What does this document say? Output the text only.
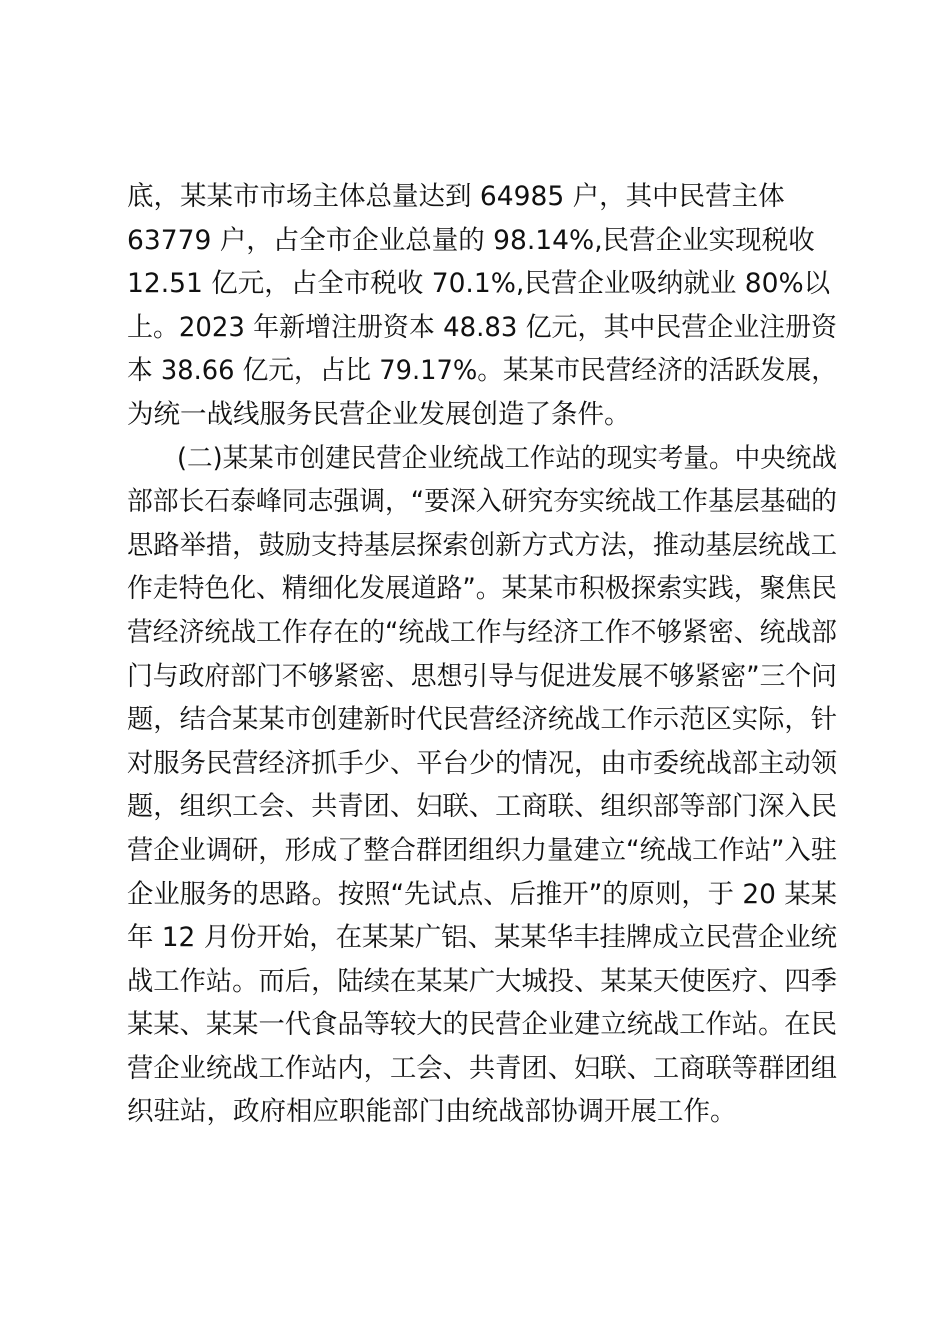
底，某某市市场主体总量达到 64985 户，其中民营主体
63779 户，占全市企业总量的 98.14%,民营企业实现税收
12.51 亿元，占全市税收 70.1%,民营企业吸纳就业 80%以
上。2023 年新增注册资本 48.83 亿元，其中民营企业注册资
本 38.66 亿元，占比 79.17%。某某市民营经济的活跃发展，
为统一战线服务民营企业发展创造了条件。
(二)某某市创建民营企业统战工作站的现实考量。中央统战
部部长石泰峰同志强调，“要深入研究夯实统战工作基层基础的
思路举措，鼓励支持基层探索创新方式方法，推动基层统战工
作走特色化、精细化发展道路”。某某市积极探索实践，聚焦民
营经济统战工作存在的“统战工作与经济工作不够紧密、统战部
门与政府部门不够紧密、思想引导与促进发展不够紧密”三个问
题，结合某某市创建新时代民营经济统战工作示范区实际，针
对服务民营经济抓手少、平台少的情况，由市委统战部主动领
题，组织工会、共青团、妇联、工商联、组织部等部门深入民
营企业调研，形成了整合群团组织力量建立“统战工作站”入驻
企业服务的思路。按照“先试点、后推开”的原则，于 20 某某
年 12 月份开始，在某某广铝、某某华丰挂牌成立民营企业统
战工作站。而后，陆续在某某广大城投、某某天使医疗、四季
某某、某某一代食品等较大的民营企业建立统战工作站。在民
营企业统战工作站内，工会、共青团、妇联、工商联等群团组
织驻站，政府相应职能部门由统战部协调开展工作。
